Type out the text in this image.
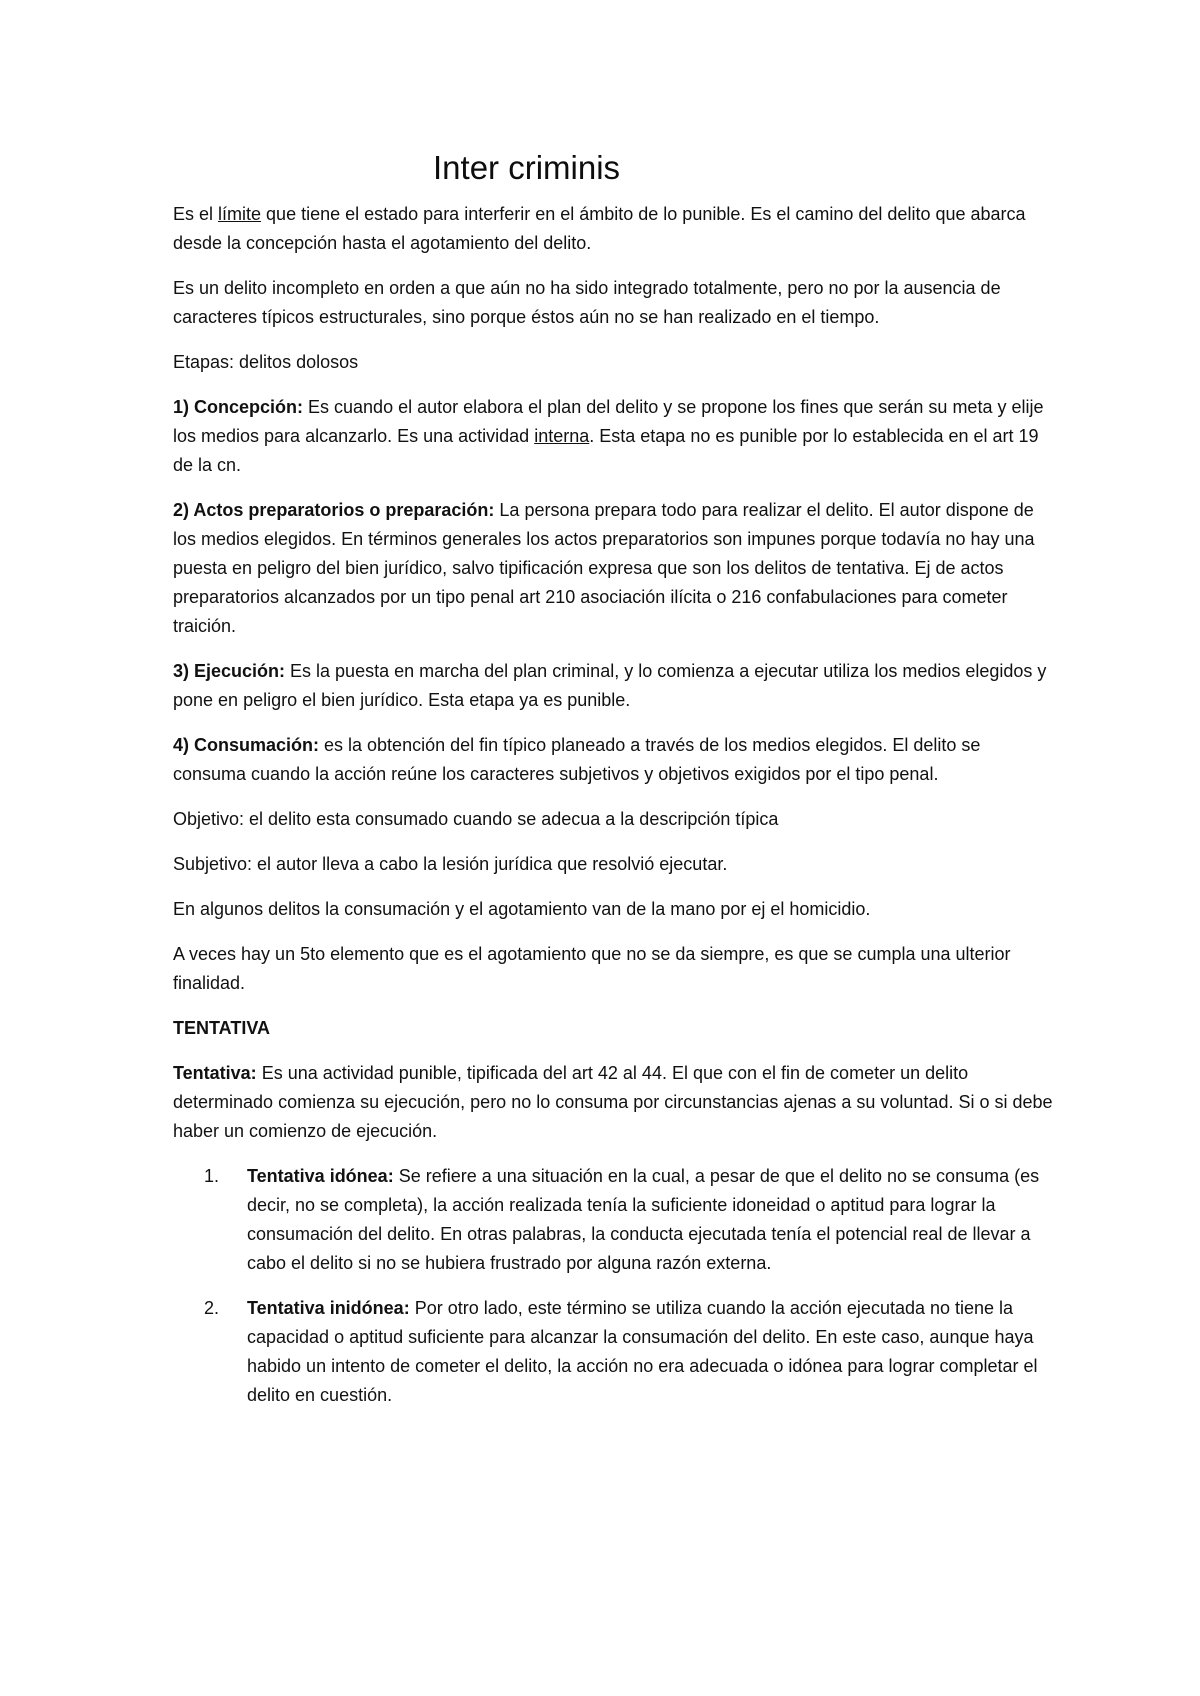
Inter criminis

Es el límite que tiene el estado para interferir en el ámbito de lo punible. Es el camino del delito que abarca desde la concepción hasta el agotamiento del delito.

Es un delito incompleto en orden a que aún no ha sido integrado totalmente, pero no por la ausencia de caracteres típicos estructurales, sino porque éstos aún no se han realizado en el tiempo.

Etapas: delitos dolosos

1) Concepción: Es cuando el autor elabora el plan del delito y se propone los fines que serán su meta y elije los medios para alcanzarlo. Es una actividad interna. Esta etapa no es punible por lo establecida en el art 19 de la cn.

2) Actos preparatorios o preparación: La persona prepara todo para realizar el delito. El autor dispone de los medios elegidos. En términos generales los actos preparatorios son impunes porque todavía no hay una puesta en peligro del bien jurídico, salvo tipificación expresa que son los delitos de tentativa. Ej de actos preparatorios alcanzados por un tipo penal art 210 asociación ilícita o 216 confabulaciones para cometer traición.

3) Ejecución: Es la puesta en marcha del plan criminal, y lo comienza a ejecutar utiliza los medios elegidos y pone en peligro el bien jurídico. Esta etapa ya es punible.

4) Consumación: es la obtención del fin típico planeado a través de los medios elegidos. El delito se consuma cuando la acción reúne los caracteres subjetivos y objetivos exigidos por el tipo penal.

Objetivo: el delito esta consumado cuando se adecua a la descripción típica

Subjetivo: el autor lleva a cabo la lesión jurídica que resolvió ejecutar.

En algunos delitos la consumación y el agotamiento van de la mano por ej el homicidio.

A veces hay un 5to elemento que es el agotamiento que no se da siempre, es que se cumpla una ulterior finalidad.

TENTATIVA

Tentativa: Es una actividad punible, tipificada del art 42 al 44. El que con el fin de cometer un delito determinado comienza su ejecución, pero no lo consuma por circunstancias ajenas a su voluntad. Si o si debe haber un comienzo de ejecución.

1. Tentativa idónea: Se refiere a una situación en la cual, a pesar de que el delito no se consuma (es decir, no se completa), la acción realizada tenía la suficiente idoneidad o aptitud para lograr la consumación del delito. En otras palabras, la conducta ejecutada tenía el potencial real de llevar a cabo el delito si no se hubiera frustrado por alguna razón externa.
2. Tentativa inidónea: Por otro lado, este término se utiliza cuando la acción ejecutada no tiene la capacidad o aptitud suficiente para alcanzar la consumación del delito. En este caso, aunque haya habido un intento de cometer el delito, la acción no era adecuada o idónea para lograr completar el delito en cuestión.
